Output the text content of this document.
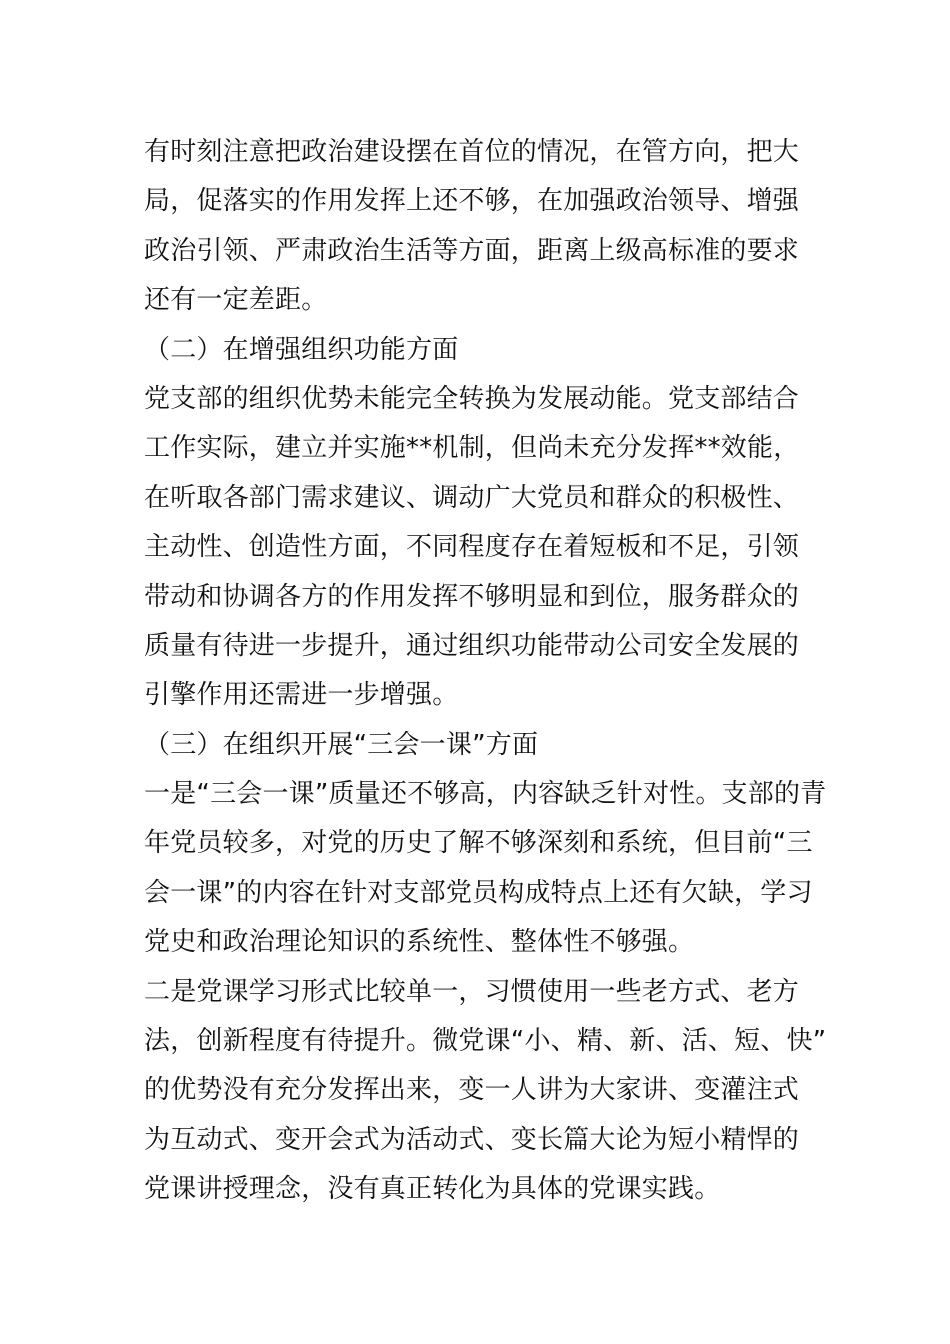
有时刻注意把政治建设摆在首位的情况，在管方向，把大
局，促落实的作用发挥上还不够，在加强政治领导、增强
政治引领、严肃政治生活等方面，距离上级高标准的要求
还有一定差距。
（二）在增强组织功能方面
党支部的组织优势未能完全转换为发展动能。党支部结合
工作实际，建立并实施**机制，但尚未充分发挥**效能，
在听取各部门需求建议、调动广大党员和群众的积极性、
主动性、创造性方面，不同程度存在着短板和不足，引领
带动和协调各方的作用发挥不够明显和到位，服务群众的
质量有待进一步提升，通过组织功能带动公司安全发展的
引擎作用还需进一步增强。
（三）在组织开展“三会一课”方面
一是“三会一课”质量还不够高，内容缺乏针对性。支部的青
年党员较多，对党的历史了解不够深刻和系统，但目前“三
会一课”的内容在针对支部党员构成特点上还有欠缺，学习
党史和政治理论知识的系统性、整体性不够强。
二是党课学习形式比较单一，习惯使用一些老方式、老方
法，创新程度有待提升。微党课“小、精、新、活、短、快”
的优势没有充分发挥出来，变一人讲为大家讲、变灌注式
为互动式、变开会式为活动式、变长篇大论为短小精悍的
党课讲授理念，没有真正转化为具体的党课实践。
